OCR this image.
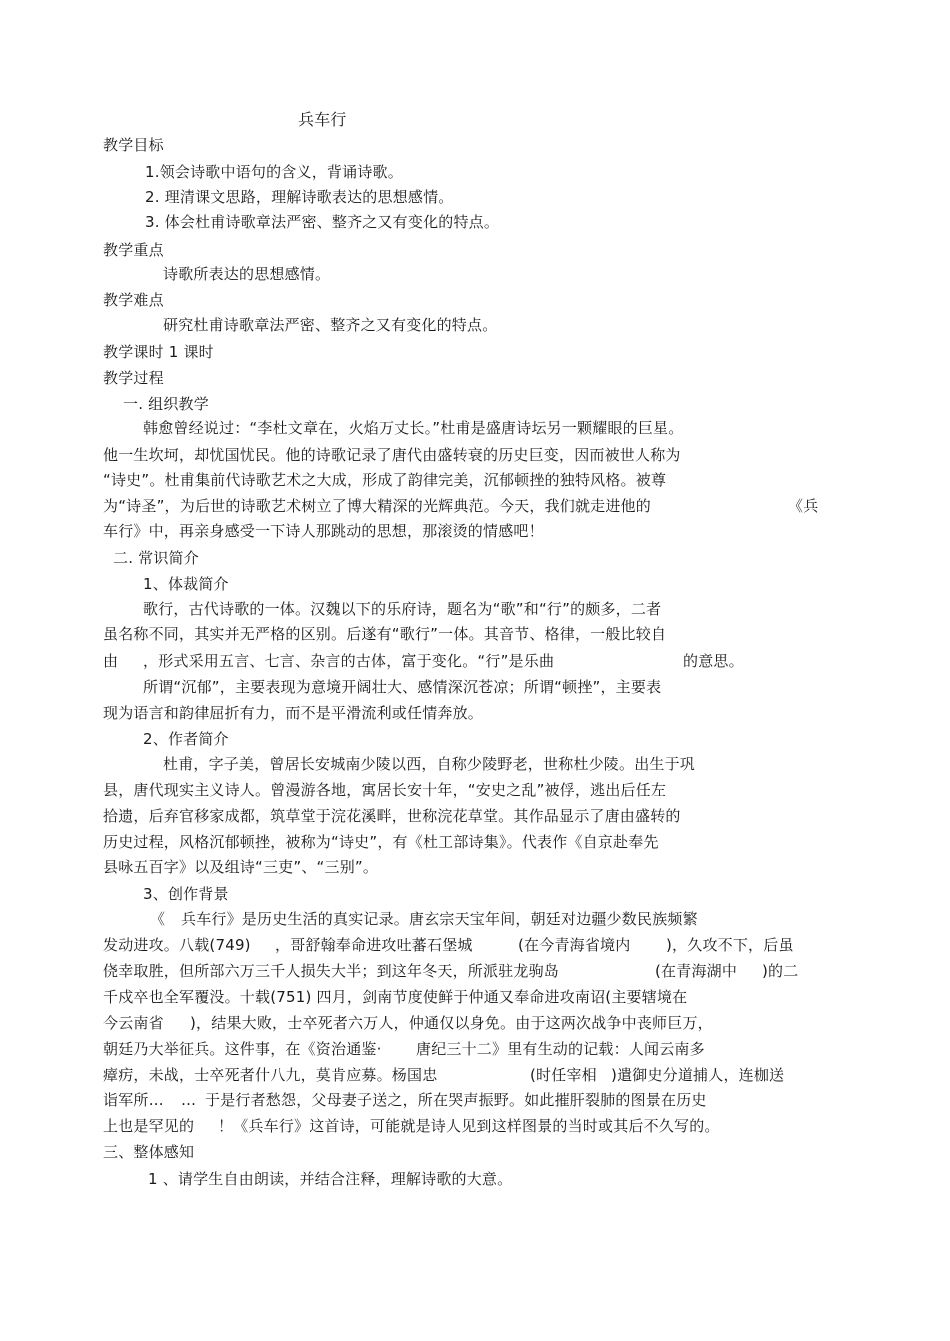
兵车行
教学目标
1.领会诗歌中语句的含义，背诵诗歌。
2. 理清课文思路，理解诗歌表达的思想感情。
3. 体会杜甫诗歌章法严密、整齐之又有变化的特点。
教学重点
诗歌所表达的思想感情。
教学难点
研究杜甫诗歌章法严密、整齐之又有变化的特点。
教学课时 1 课时
教学过程
一. 组织教学
韩愈曾经说过：“李杜文章在，火焰万丈长。”杜甫是盛唐诗坛另一颗耀眼的巨星。
他一生坎坷，却忧国忧民。他的诗歌记录了唐代由盛转衰的历史巨变，因而被世人称为
“诗史”。杜甫集前代诗歌艺术之大成，形成了韵律完美，沉郁顿挫的独特风格。被尊
为“诗圣”，为后世的诗歌艺术树立了博大精深的光辉典范。今天，我们就走进他的	《兵
车行》中，再亲身感受一下诗人那跳动的思想，那滚烫的情感吧！
二. 常识简介
1、体裁简介
歌行，古代诗歌的一体。汉魏以下的乐府诗，题名为“歌”和“行”的颇多，二者
虽名称不同，其实并无严格的区别。后遂有“歌行”一体。其音节、格律，一般比较自
由 ，形式采用五言、七言、杂言的古体，富于变化。“行”是乐曲	的意思。
所谓“沉郁”，主要表现为意境开阔壮大、感情深沉苍凉；所谓“顿挫”，主要表
现为语言和韵律屈折有力，而不是平滑流利或任情奔放。
2、作者简介
杜甫，字子美，曾居长安城南少陵以西，自称少陵野老，世称杜少陵。出生于巩
县，唐代现实主义诗人。曾漫游各地，寓居长安十年，“安史之乱”被俘，逃出后任左
拾遗，后弃官移家成都，筑草堂于浣花溪畔，世称浣花草堂。其作品显示了唐由盛转的
历史过程，风格沉郁顿挫，被称为“诗史”，有《杜工部诗集》。代表作《自京赴奉先
县咏五百字》以及组诗“三吏”、“三别”。
3、创作背景
《 兵车行》是历史生活的真实记录。唐玄宗天宝年间，朝廷对边疆少数民族频繁
发动进攻。八载(749) ，哥舒翰奉命进攻吐蕃石堡城	(在今青海省境内 )，久攻不下，后虽
侥幸取胜，但所部六万三千人损失大半；到这年冬天，所派驻龙驹岛	(在青海湖中 )的二
千戍卒也全军覆没。十载(751) 四月，剑南节度使鲜于仲通又奉命进攻南诏(主要辖境在
今云南省 )，结果大败，士卒死者六万人，仲通仅以身免。由于这两次战争中丧师巨万，
朝廷乃大举征兵。这件事，在《资治通鉴· 唐纪三十二》里有生动的记载：人闻云南多
瘴疠，未战，士卒死者什八九，莫肯应募。杨国忠	(时任宰相 )遣御史分道捕人，连枷送
诣军所… … 于是行者愁怨，父母妻子送之，所在哭声振野。如此摧肝裂肺的图景在历史
上也是罕见的 ！《兵车行》这首诗，可能就是诗人见到这样图景的当时或其后不久写的。
三、整体感知
1 、请学生自由朗读，并结合注释，理解诗歌的大意。
